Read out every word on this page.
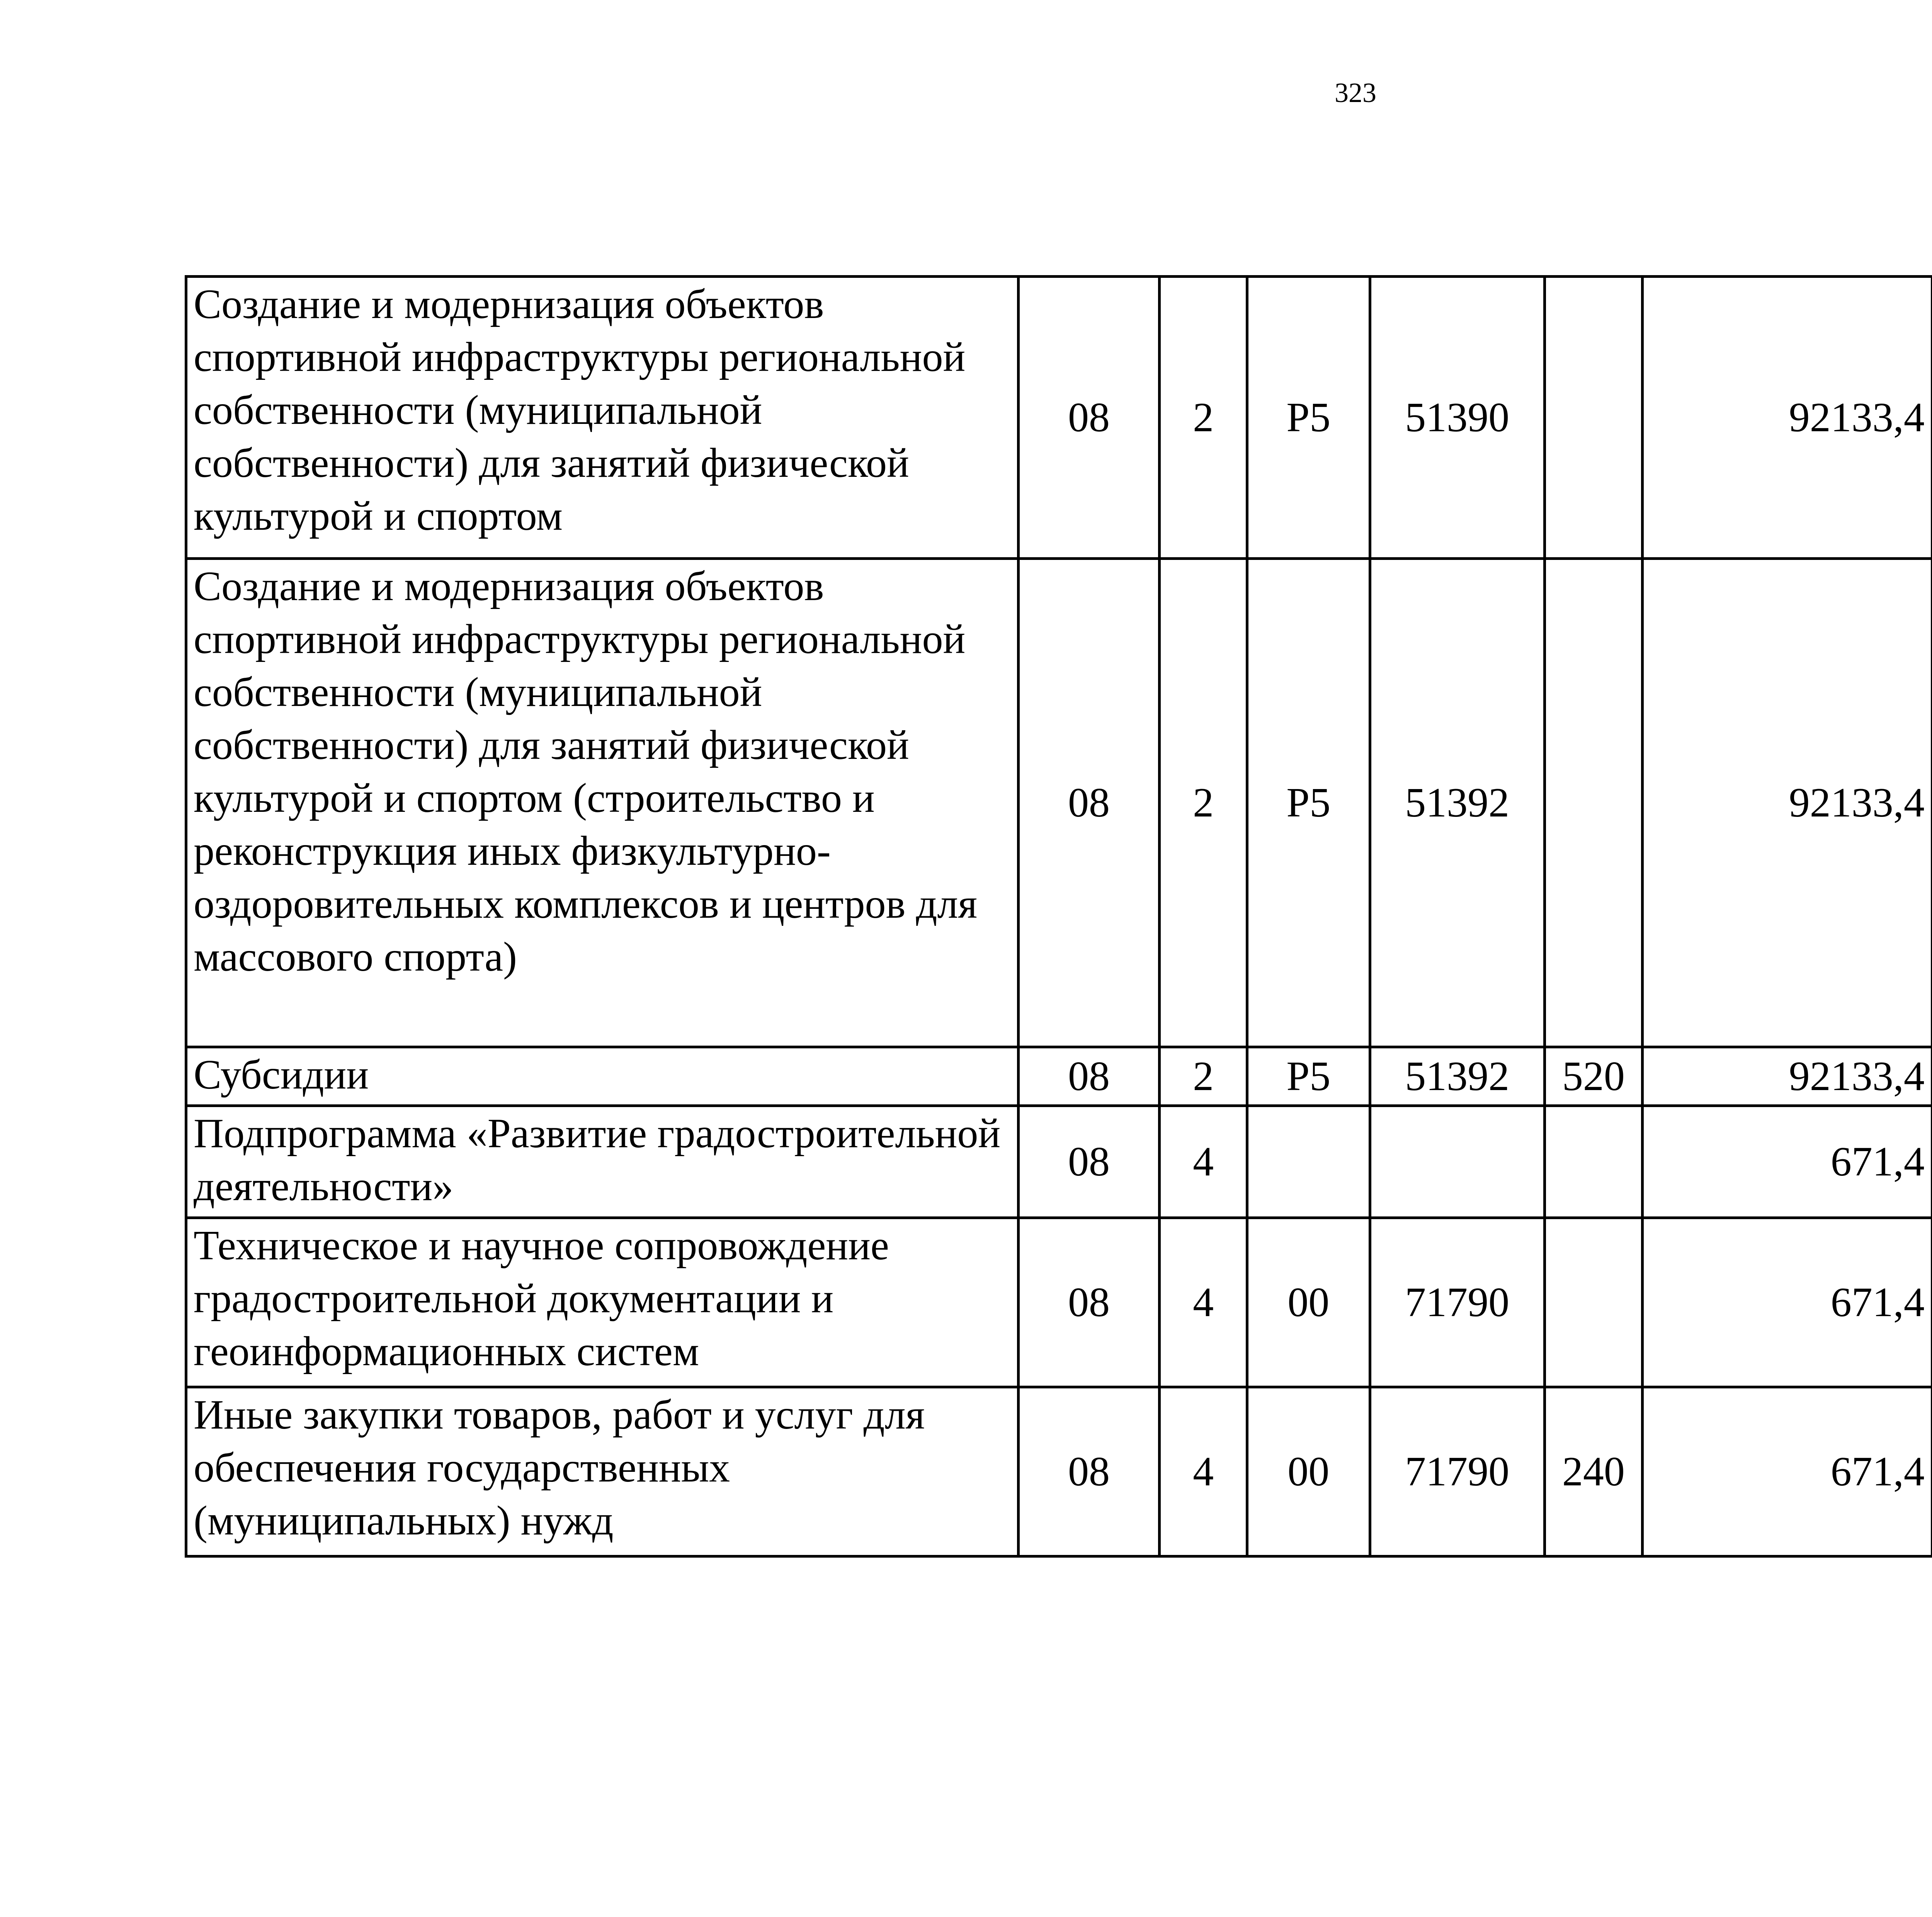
323
Создание и модернизация объектов спортивной инфраструктуры региональной собственности (муниципальной собственности) для занятий физической культурой и спортом	08	2	Р5	51390		92133,4		
Создание и модернизация объектов спортивной инфраструктуры региональной собственности (муниципальной собственности) для занятий физической культурой и спортом (строительство и реконструкция иных физкультурно-оздоровительных комплексов и центров для массового спорта)	08	2	Р5	51392		92133,4		
Субсидии	08	2	Р5	51392	520	92133,4		
Подпрограмма «Развитие градостроительной деятельности»	08	4				671,4		
Техническое и научное сопровождение градостроительной документации и геоинформационных систем	08	4	00	71790		671,4		
Иные закупки товаров, работ и услуг для обеспечения государственных (муниципальных) нужд	08	4	00	71790	240	671,4		
